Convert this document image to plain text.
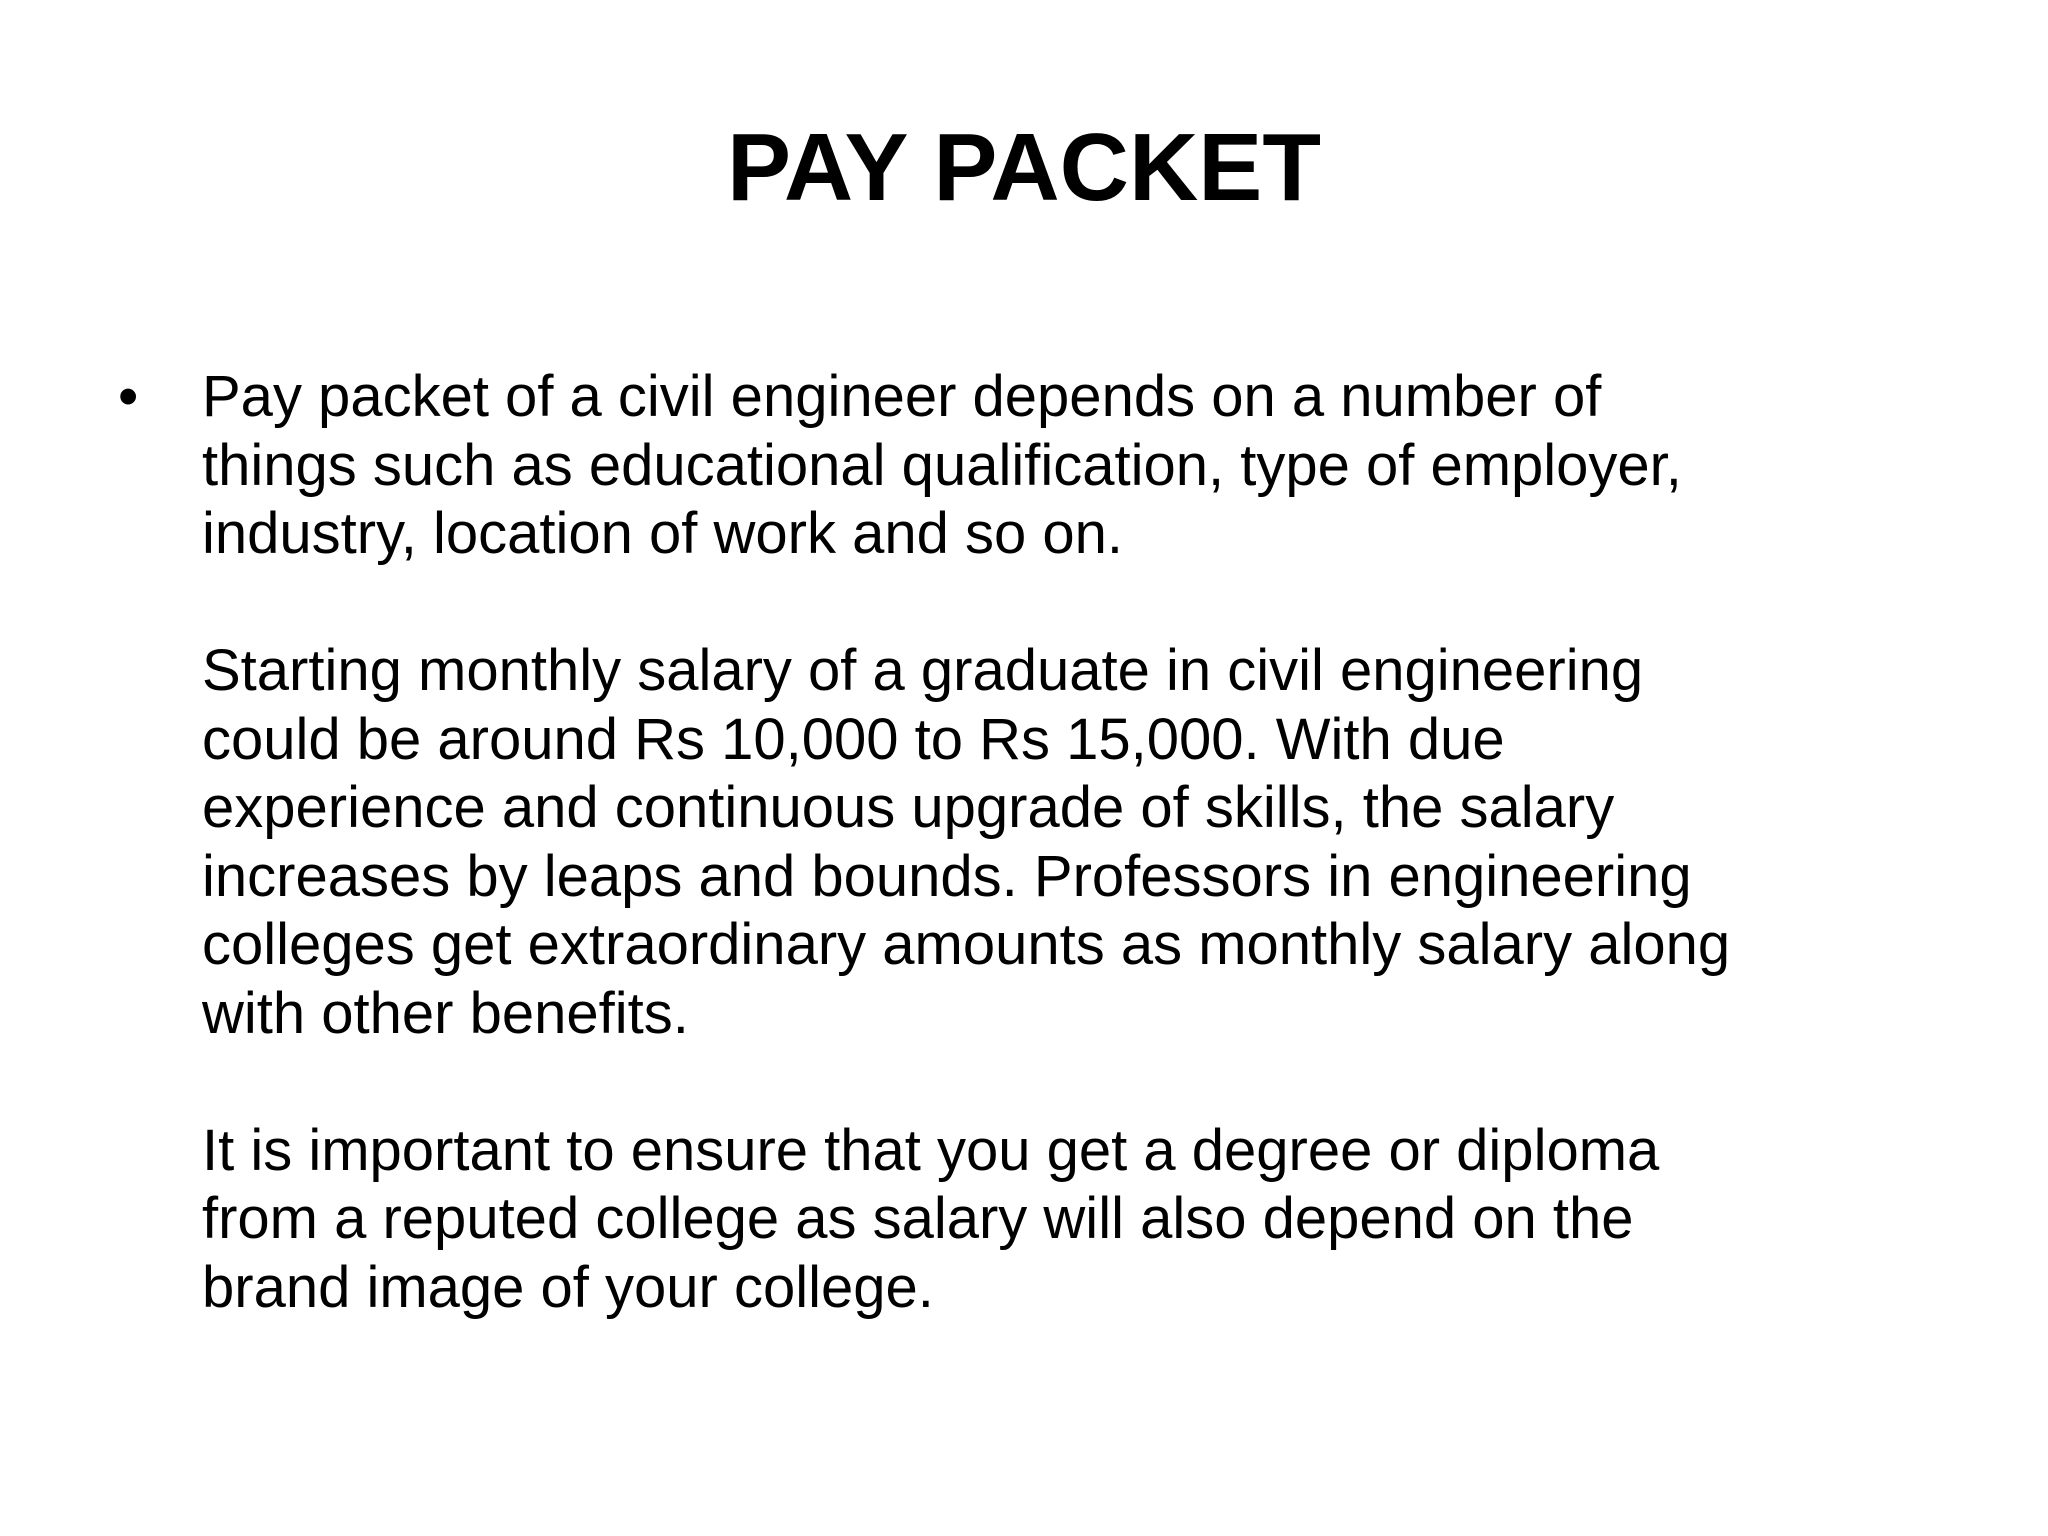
PAY PACKET
• Pay packet of a civil engineer depends on a number of
things such as educational qualification, type of employer,
industry, location of work and so on.

Starting monthly salary of a graduate in civil engineering
could be around Rs 10,000 to Rs 15,000. With due
experience and continuous upgrade of skills, the salary
increases by leaps and bounds. Professors in engineering
colleges get extraordinary amounts as monthly salary along
with other benefits.

It is important to ensure that you get a degree or diploma
from a reputed college as salary will also depend on the
brand image of your college.
